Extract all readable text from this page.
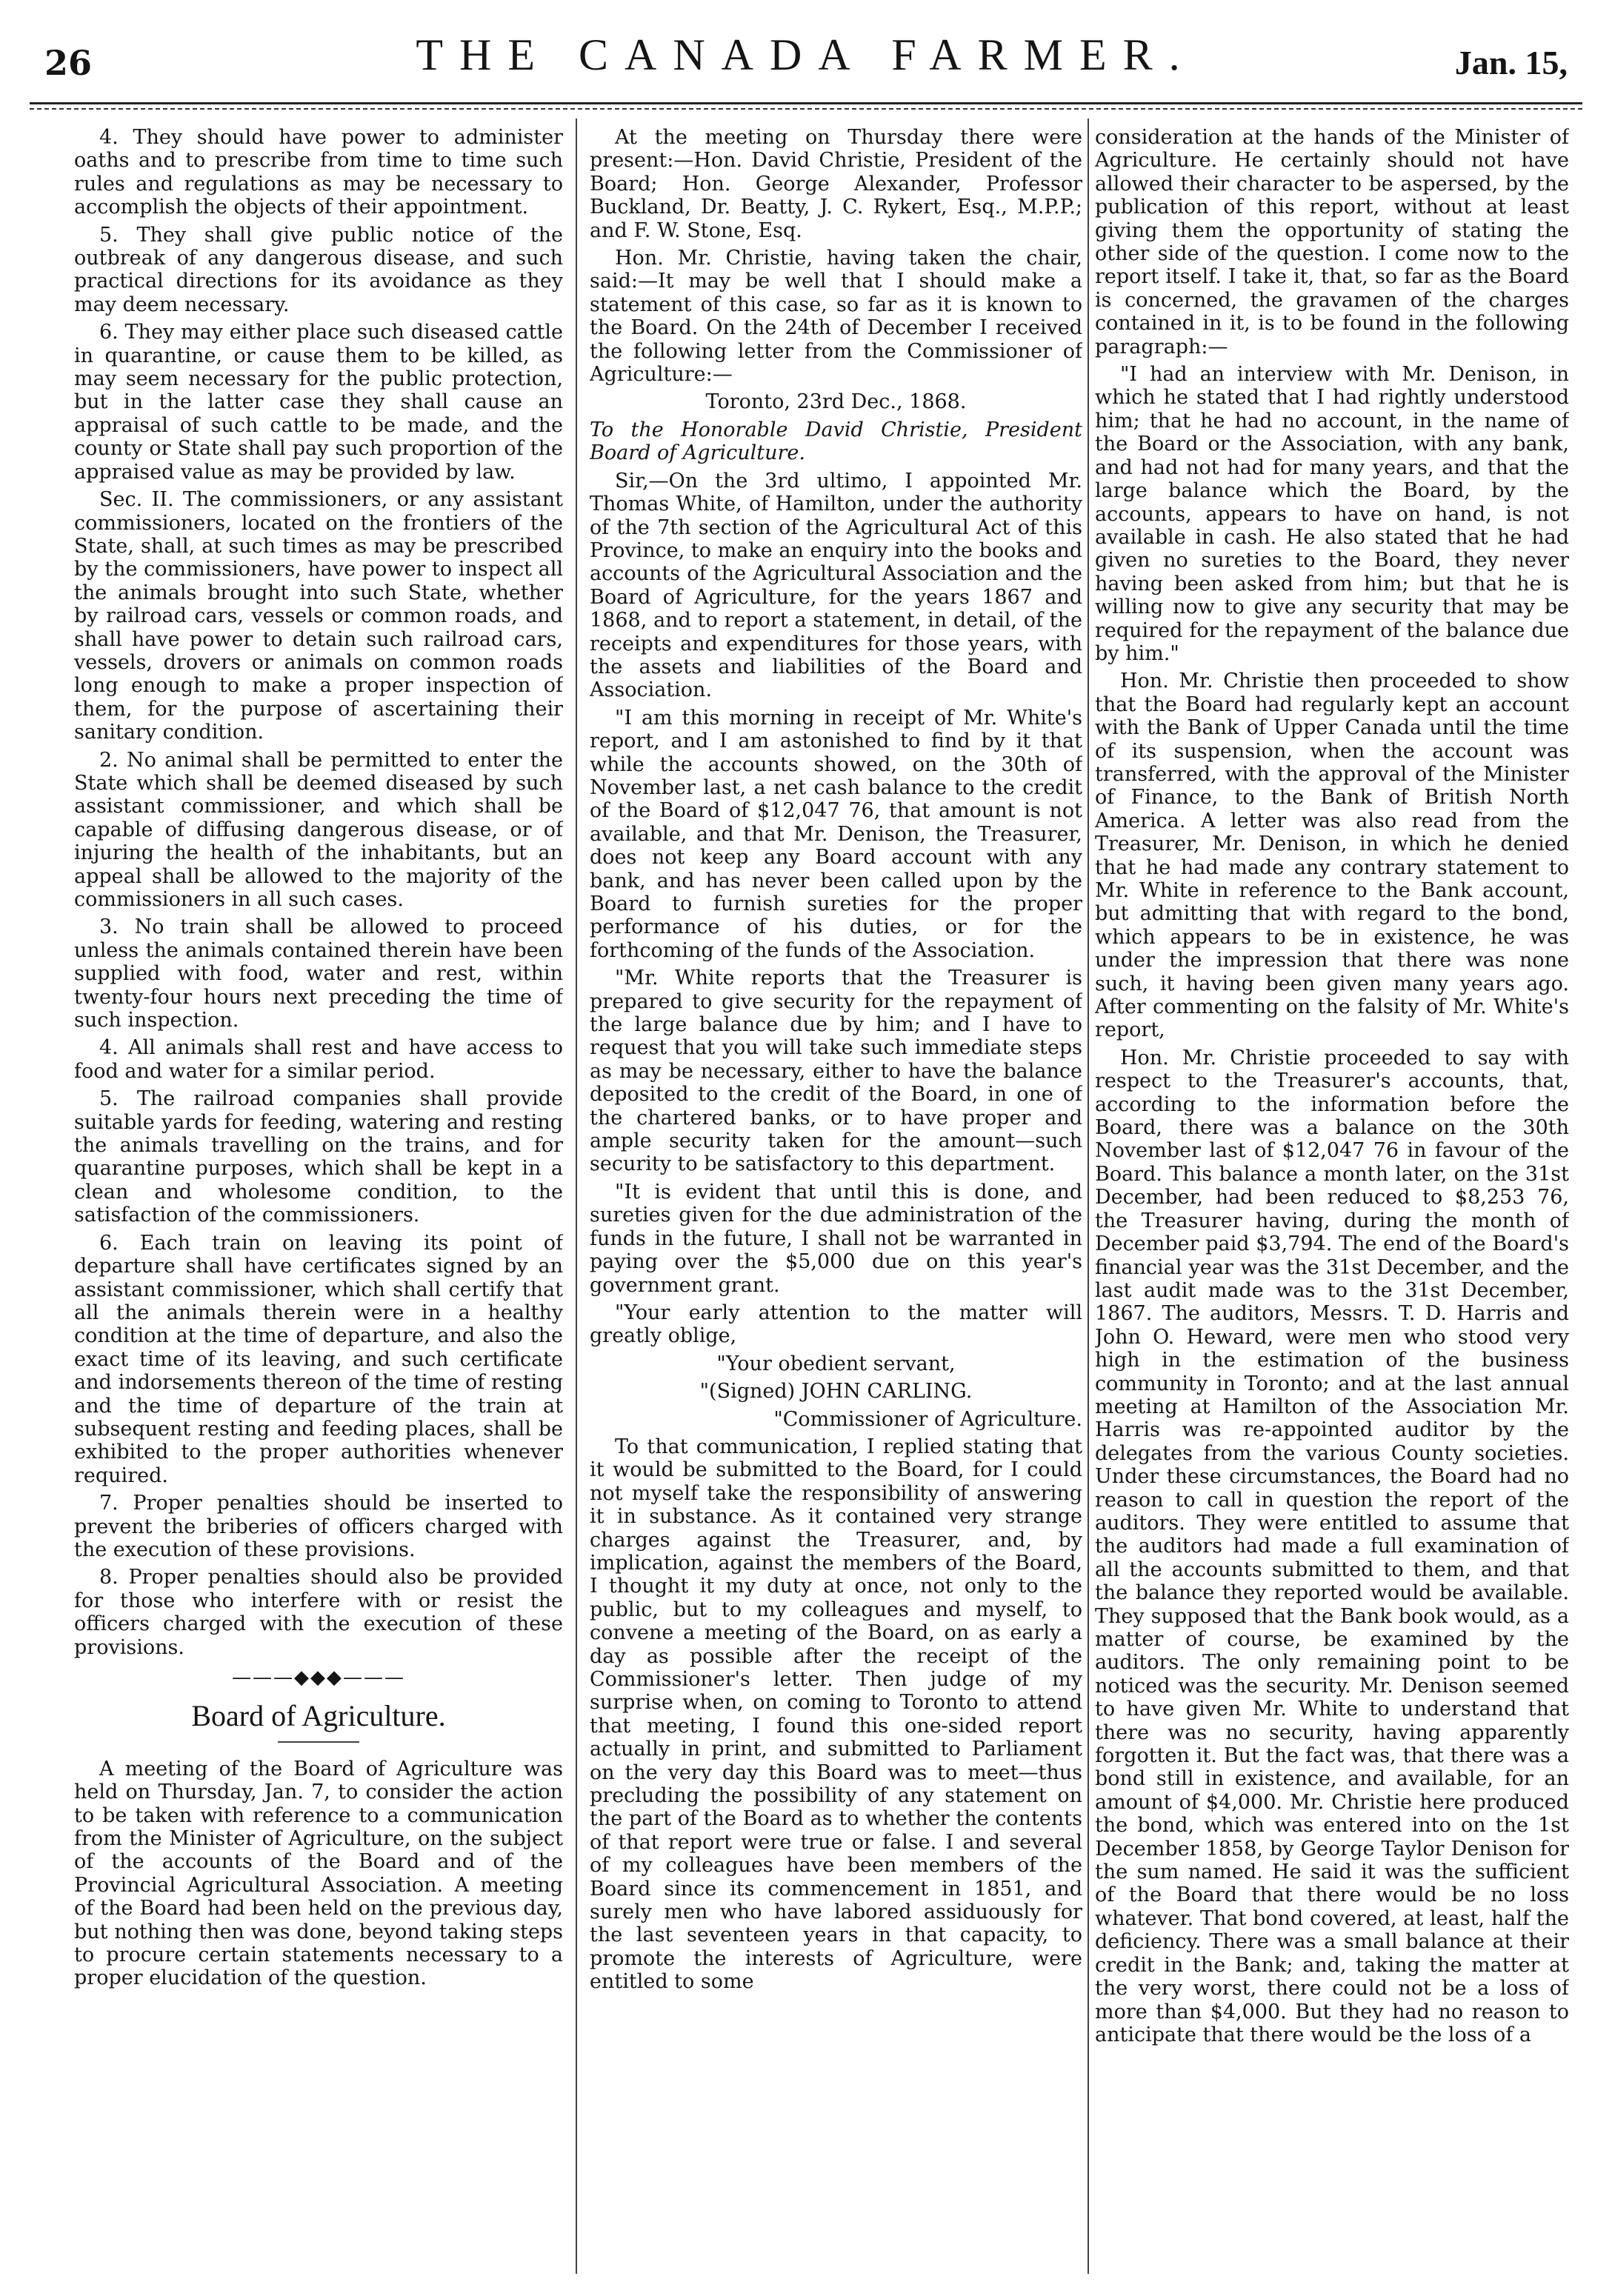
26	THE CANADA FARMER.	Jan. 15,

4. They should have power to administer oaths and to prescribe from time to time such rules and regulations as may be necessary to accomplish the objects of their appointment.

5. They shall give public notice of the outbreak of any dangerous disease, and such practical directions for its avoidance as they may deem necessary.

6. They may either place such diseased cattle in quarantine, or cause them to be killed, as may seem necessary for the public protection, but in the latter case they shall cause an appraisal of such cattle to be made, and the county or State shall pay such proportion of the appraised value as may be provided by law.

Sec. II. The commissioners, or any assistant commissioners, located on the frontiers of the State, shall, at such times as may be prescribed by the commissioners, have power to inspect all the animals brought into such State, whether by railroad cars, vessels or common roads, and shall have power to detain such railroad cars, vessels, drovers or animals on common roads long enough to make a proper inspection of them, for the purpose of ascertaining their sanitary condition.

2. No animal shall be permitted to enter the State which shall be deemed diseased by such assistant commissioner, and which shall be capable of diffusing dangerous disease, or of injuring the health of the inhabitants, but an appeal shall be allowed to the majority of the commissioners in all such cases.

3. No train shall be allowed to proceed unless the animals contained therein have been supplied with food, water and rest, within twenty-four hours next preceding the time of such inspection.

4. All animals shall rest and have access to food and water for a similar period.

5. The railroad companies shall provide suitable yards for feeding, watering and resting the animals travelling on the trains, and for quarantine purposes, which shall be kept in a clean and wholesome condition, to the satisfaction of the commissioners.

6. Each train on leaving its point of departure shall have certificates signed by an assistant commissioner, which shall certify that all the animals therein were in a healthy condition at the time of departure, and also the exact time of its leaving, and such certificate and indorsements thereon of the time of resting and the time of departure of the train at subsequent resting and feeding places, shall be exhibited to the proper authorities whenever required.

7. Proper penalties should be inserted to prevent the briberies of officers charged with the execution of these provisions.

8. Proper penalties should also be provided for those who interfere with or resist the officers charged with the execution of these provisions.

———◆◆◆———
Board of Agriculture.

A meeting of the Board of Agriculture was held on Thursday, Jan. 7, to consider the action to be taken with reference to a communication from the Minister of Agriculture, on the subject of the accounts of the Board and of the Provincial Agricultural Association. A meeting of the Board had been held on the previous day, but nothing then was done, beyond taking steps to procure certain statements necessary to a proper elucidation of the question.

At the meeting on Thursday there were present:—Hon. David Christie, President of the Board; Hon. George Alexander, Professor Buckland, Dr. Beatty, J. C. Rykert, Esq., M.P.P.; and F. W. Stone, Esq.

Hon. Mr. Christie, having taken the chair, said:—It may be well that I should make a statement of this case, so far as it is known to the Board. On the 24th of December I received the following letter from the Commissioner of Agriculture:—

Toronto, 23rd Dec., 1868.

To the Honorable David Christie, President Board of Agriculture.

Sir,—On the 3rd ultimo, I appointed Mr. Thomas White, of Hamilton, under the authority of the 7th section of the Agricultural Act of this Province, to make an enquiry into the books and accounts of the Agricultural Association and the Board of Agriculture, for the years 1867 and 1868, and to report a statement, in detail, of the receipts and expenditures for those years, with the assets and liabilities of the Board and Association.

"I am this morning in receipt of Mr. White's report, and I am astonished to find by it that while the accounts showed, on the 30th of November last, a net cash balance to the credit of the Board of $12,047 76, that amount is not available, and that Mr. Denison, the Treasurer, does not keep any Board account with any bank, and has never been called upon by the Board to furnish sureties for the proper performance of his duties, or for the forthcoming of the funds of the Association.

"Mr. White reports that the Treasurer is prepared to give security for the repayment of the large balance due by him; and I have to request that you will take such immediate steps as may be necessary, either to have the balance deposited to the credit of the Board, in one of the chartered banks, or to have proper and ample security taken for the amount—such security to be satisfactory to this department.

"It is evident that until this is done, and sureties given for the due administration of the funds in the future, I shall not be warranted in paying over the $5,000 due on this year's government grant.

"Your early attention to the matter will greatly oblige,

"Your obedient servant,

"(Signed) JOHN CARLING.

"Commissioner of Agriculture.

To that communication, I replied stating that it would be submitted to the Board, for I could not myself take the responsibility of answering it in substance. As it contained very strange charges against the Treasurer, and, by implication, against the members of the Board, I thought it my duty at once, not only to the public, but to my colleagues and myself, to convene a meeting of the Board, on as early a day as possible after the receipt of the Commissioner's letter. Then judge of my surprise when, on coming to Toronto to attend that meeting, I found this one-sided report actually in print, and submitted to Parliament on the very day this Board was to meet—thus precluding the possibility of any statement on the part of the Board as to whether the contents of that report were true or false. I and several of my colleagues have been members of the Board since its commencement in 1851, and surely men who have labored assiduously for the last seventeen years in that capacity, to promote the interests of Agriculture, were entitled to some

consideration at the hands of the Minister of Agriculture. He certainly should not have allowed their character to be aspersed, by the publication of this report, without at least giving them the opportunity of stating the other side of the question. I come now to the report itself. I take it, that, so far as the Board is concerned, the gravamen of the charges contained in it, is to be found in the following paragraph:—

"I had an interview with Mr. Denison, in which he stated that I had rightly understood him; that he had no account, in the name of the Board or the Association, with any bank, and had not had for many years, and that the large balance which the Board, by the accounts, appears to have on hand, is not available in cash. He also stated that he had given no sureties to the Board, they never having been asked from him; but that he is willing now to give any security that may be required for the repayment of the balance due by him."

Hon. Mr. Christie then proceeded to show that the Board had regularly kept an account with the Bank of Upper Canada until the time of its suspension, when the account was transferred, with the approval of the Minister of Finance, to the Bank of British North America. A letter was also read from the Treasurer, Mr. Denison, in which he denied that he had made any contrary statement to Mr. White in reference to the Bank account, but admitting that with regard to the bond, which appears to be in existence, he was under the impression that there was none such, it having been given many years ago. After commenting on the falsity of Mr. White's report,

Hon. Mr. Christie proceeded to say with respect to the Treasurer's accounts, that, according to the information before the Board, there was a balance on the 30th November last of $12,047 76 in favour of the Board. This balance a month later, on the 31st December, had been reduced to $8,253 76, the Treasurer having, during the month of December paid $3,794. The end of the Board's financial year was the 31st December, and the last audit made was to the 31st December, 1867. The auditors, Messrs. T. D. Harris and John O. Heward, were men who stood very high in the estimation of the business community in Toronto; and at the last annual meeting at Hamilton of the Association Mr. Harris was re-appointed auditor by the delegates from the various County societies. Under these circumstances, the Board had no reason to call in question the report of the auditors. They were entitled to assume that the auditors had made a full examination of all the accounts submitted to them, and that the balance they reported would be available. They supposed that the Bank book would, as a matter of course, be examined by the auditors. The only remaining point to be noticed was the security. Mr. Denison seemed to have given Mr. White to understand that there was no security, having apparently forgotten it. But the fact was, that there was a bond still in existence, and available, for an amount of $4,000. Mr. Christie here produced the bond, which was entered into on the 1st December 1858, by George Taylor Denison for the sum named. He said it was the sufficient of the Board that there would be no loss whatever. That bond covered, at least, half the deficiency. There was a small balance at their credit in the Bank; and, taking the matter at the very worst, there could not be a loss of more than $4,000. But they had no reason to anticipate that there would be the loss of a
